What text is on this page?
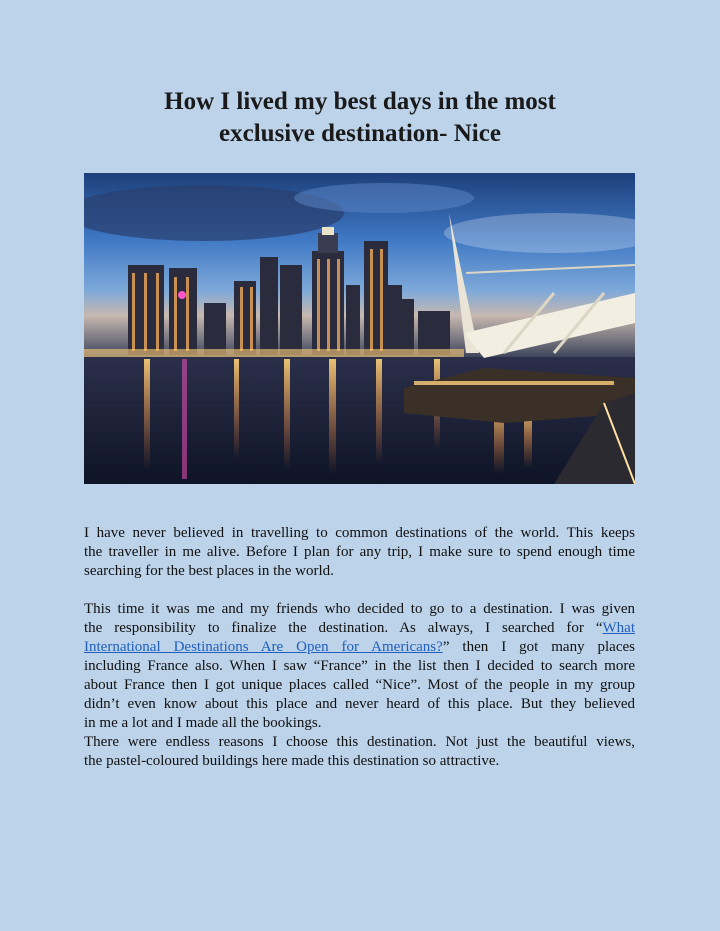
How I lived my best days in the most
exclusive destination- Nice

I have never believed in travelling to common destinations of the world. This keeps
the traveller in me alive. Before I plan for any trip, I make sure to spend enough time
searching for the best places in the world.

This time it was me and my friends who decided to go to a destination. I was given
the responsibility to finalize the destination. As always, I searched for “What
International Destinations Are Open for Americans?” then I got many places
including France also. When I saw “France” in the list then I decided to search more
about France then I got unique places called “Nice”. Most of the people in my group
didn’t even know about this place and never heard of this place. But they believed
in me a lot and I made all the bookings.

There were endless reasons I choose this destination. Not just the beautiful views,
the pastel-coloured buildings here made this destination so attractive.
